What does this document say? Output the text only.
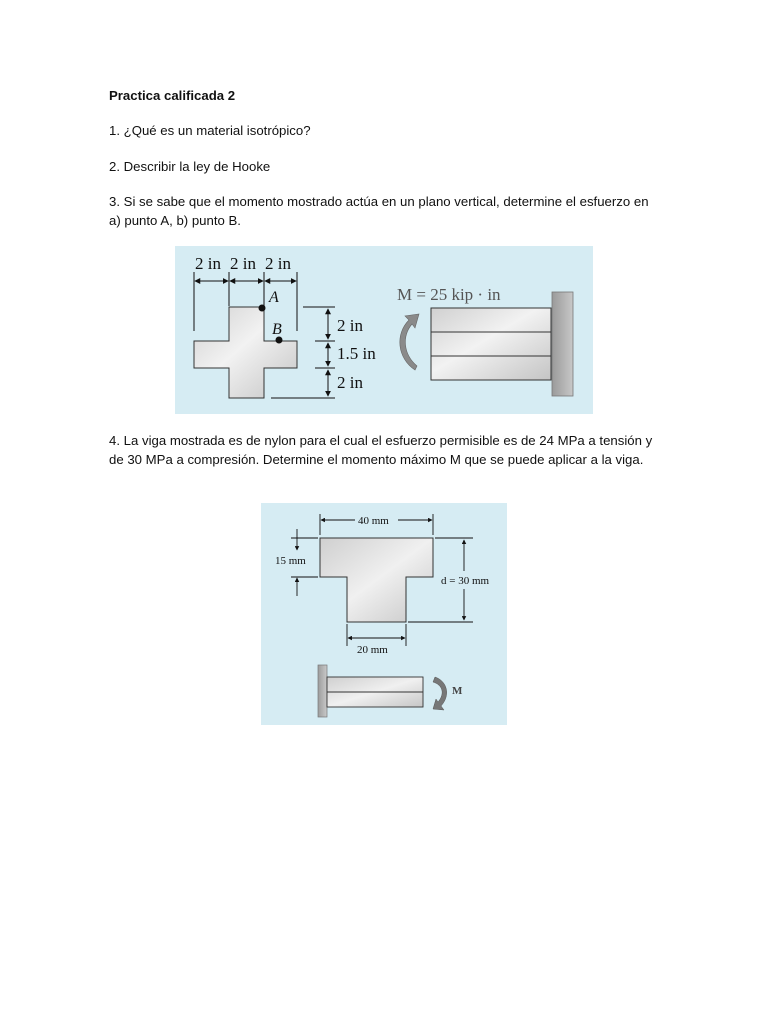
Practica calificada 2

1. ¿Qué es un material isotrópico?

2. Describir la ley de Hooke

3. Si se sabe que el momento mostrado actúa en un plano vertical, determine el esfuerzo en a) punto A, b) punto B.

2 in 2 in 2 in
A
B	2 in
1.5 in
2 in
M = 25 kip · in

4. La viga mostrada es de nylon para el cual el esfuerzo permisible es de 24 MPa a tensión y de 30 MPa a compresión. Determine el momento máximo M que se puede aplicar a la viga.

40 mm
15 mm
d = 30 mm
20 mm
M
